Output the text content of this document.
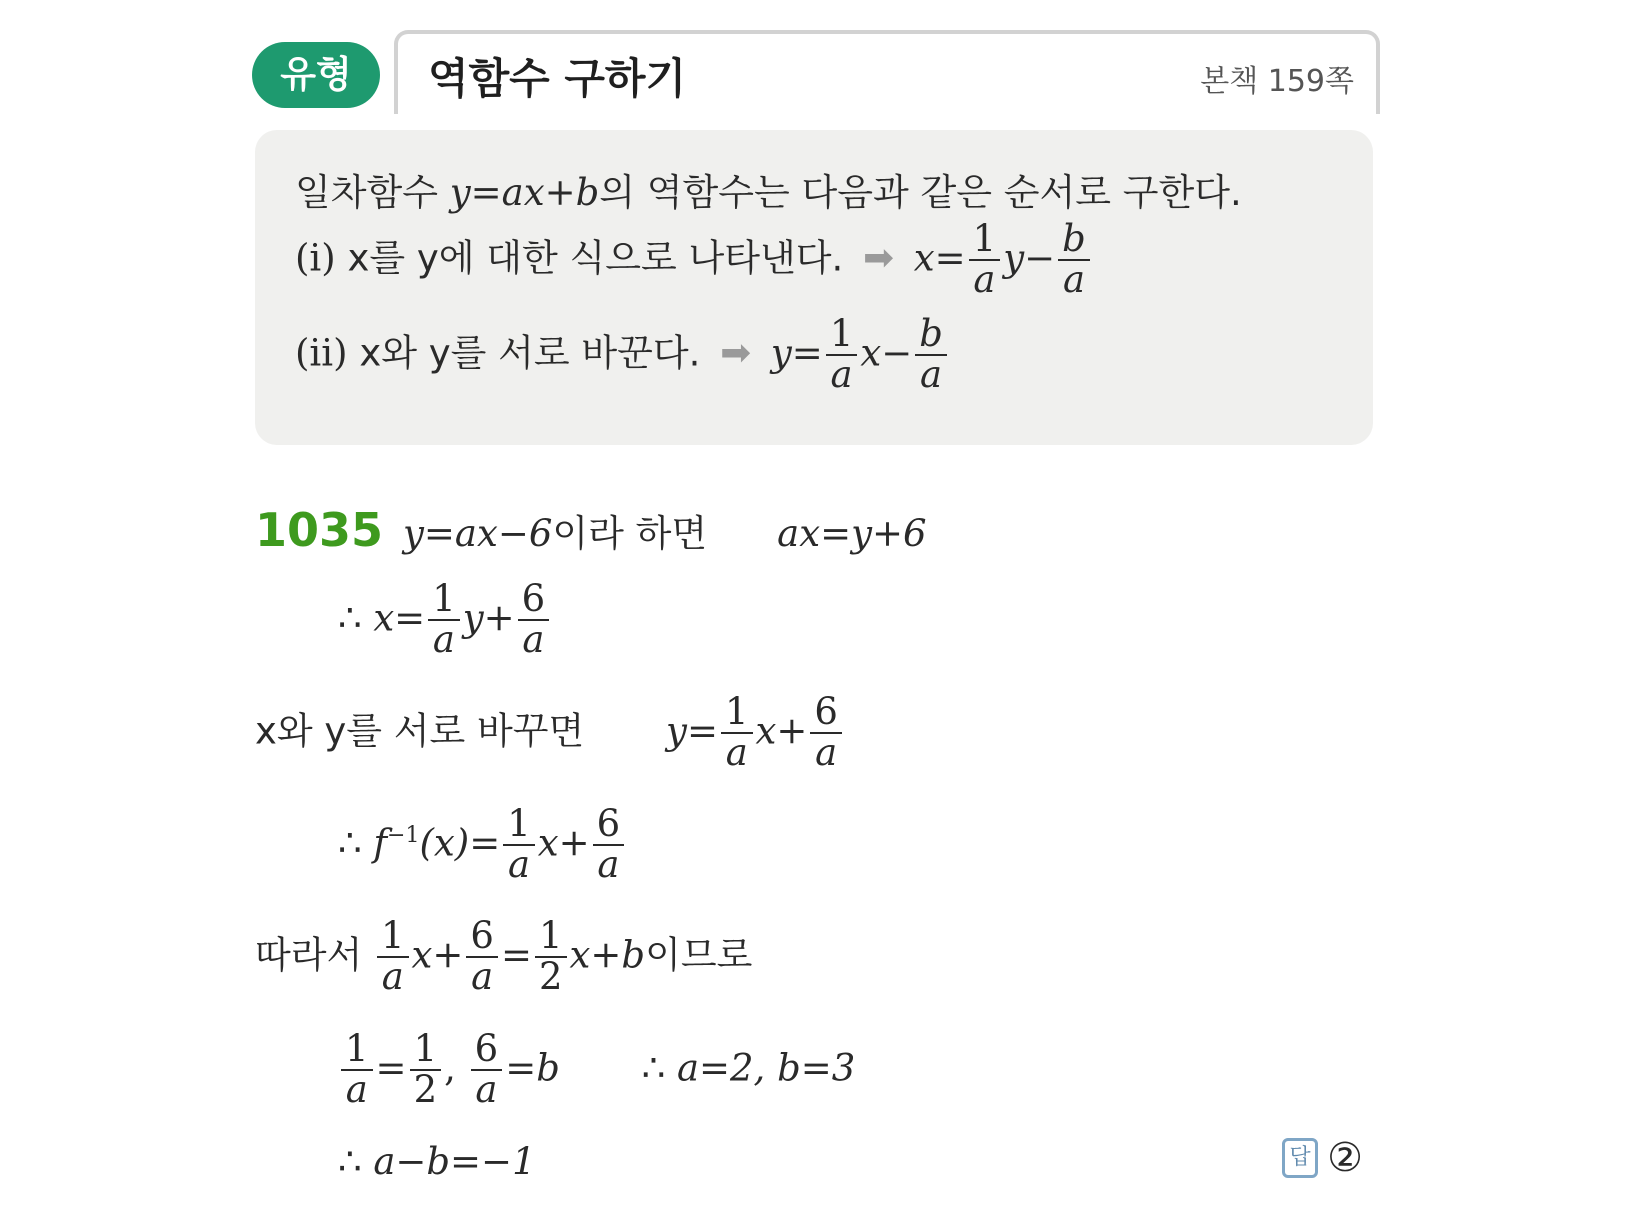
유형	역함수 구하기	본책 159쪽
일차함수 y=ax+b의 역함수는 다음과 같은 순서로 구한다.
(i) x를 y에 대한 식으로 나타낸다. ➡ $x= \frac{1}{a} y- \frac{b}{a}$
(ii) x와 y를 서로 바꾼다. ➡ $y= \frac{1}{a} x- \frac{b}{a}$
1035 y=ax−6이라 하면 ax=y+6
∴ $x= \frac{1}{a} y+ \frac{6}{a}$
x와 y를 서로 바꾸면 $y= \frac{1}{a} x+ \frac{6}{a}$
∴ $f^{-1}(x)= \frac{1}{a} x+ \frac{6}{a}$
따라서 $\frac{1}{a} x+ \frac{6}{a} = \frac{1}{2} x+b$이므로
$\frac{1}{a} = \frac{1}{2}$ , $\frac{6}{a} =b$ ∴ a=2, b=3
∴ a−b=−1	답 ②
